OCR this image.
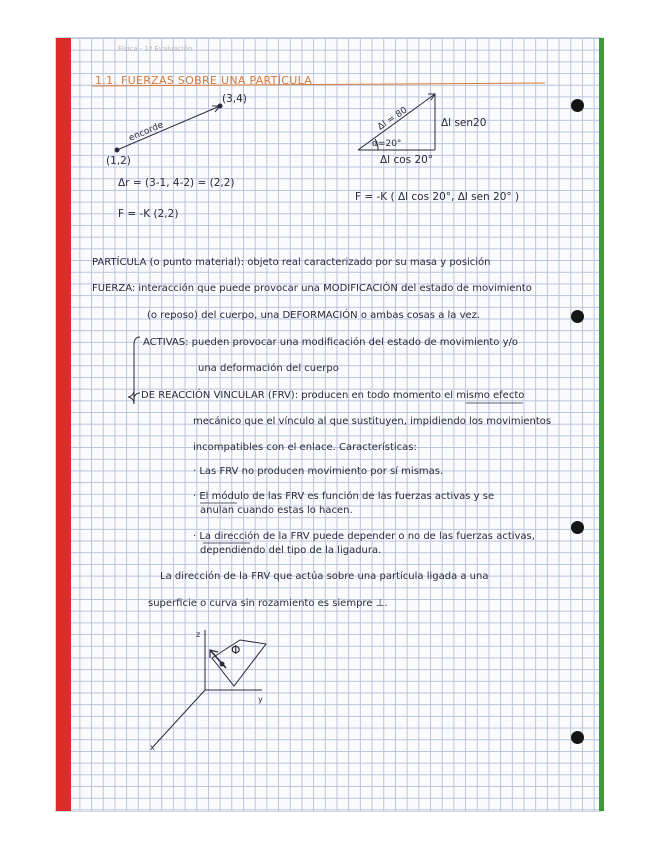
Física · 1ª Evaluación
1.1. FUERZAS SOBRE UNA PARTÍCULA
(1,2)
(3,4)
encorde
Δr = (3-1, 4-2) = (2,2)
F = -K (2,2)
Δl = 80
α=20°
Δl sen20
Δl cos 20°
F = -K ( Δl cos 20°, Δl sen 20° )
PARTÍCULA (o punto material): objeto real caracterizado por su masa y posición
FUERZA: interacción que puede provocar una MODIFICACIÓN del estado de movimiento
(o reposo) del cuerpo, una DEFORMACIÓN o ambas cosas a la vez.
ACTIVAS: pueden provocar una modificación del estado de movimiento y/o
una deformación del cuerpo
DE REACCIÓN VINCULAR (FRV): producen en todo momento el mismo efecto
mecánico que el vínculo al que sustituyen, impidiendo los movimientos
incompatibles con el enlace. Características:
· Las FRV no producen movimiento por sí mismas.
· El módulo de las FRV es función de las fuerzas activas y se
anulan cuando estas lo hacen.
· La dirección de la FRV puede depender o no de las fuerzas activas,
dependiendo del tipo de la ligadura.
La dirección de la FRV que actúa sobre una partícula ligada a una
superficie o curva sin rozamiento es siempre ⊥.
z
y
x
Φ
